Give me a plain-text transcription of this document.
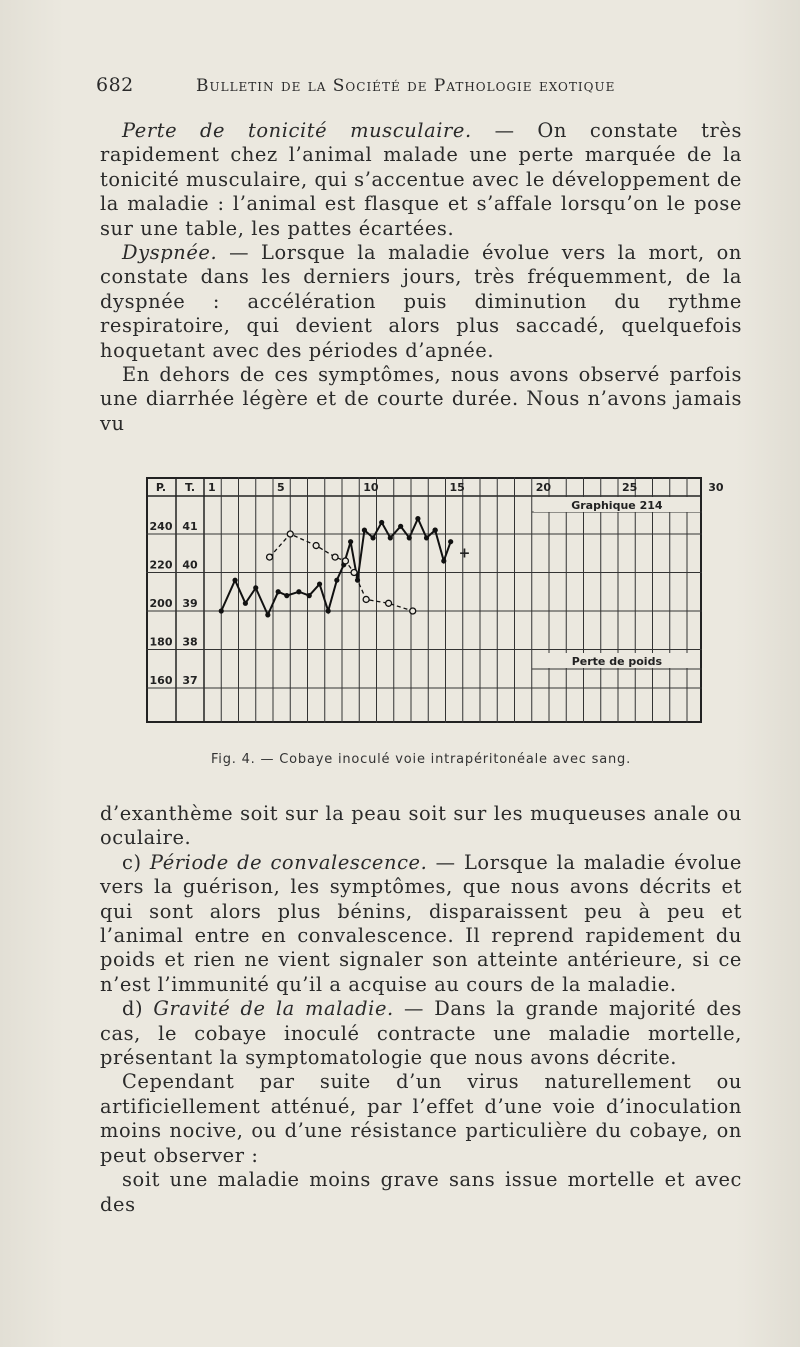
682	Bulletin de la Société de Pathologie exotique

Perte de tonicité musculaire. — On constate très rapidement chez l’animal malade une perte marquée de la tonicité musculaire, qui s’accentue avec le développement de la maladie : l’animal est flasque et s’affale lorsqu’on le pose sur une table, les pattes écartées.

Dyspnée. — Lorsque la maladie évolue vers la mort, on constate dans les derniers jours, très fréquemment, de la dyspnée : accélération puis diminution du rythme respiratoire, qui devient alors plus saccadé, quelquefois hoquetant avec des périodes d’apnée.

En dehors de ces symptômes, nous avons observé parfois une diarrhée légère et de courte durée. Nous n’avons jamais vu

Graphique 214
Perte de poids
P. T. 1	5	10	15	20	25	30
240
220
200
180
160
41
40
39
38
37
+
Fig. 4. — Cobaye inoculé voie intrapéritonéale avec sang.

d’exanthème soit sur la peau soit sur les muqueuses anale ou oculaire.

c) Période de convalescence. — Lorsque la maladie évolue vers la guérison, les symptômes, que nous avons décrits et qui sont alors plus bénins, disparaissent peu à peu et l’animal entre en convalescence. Il reprend rapidement du poids et rien ne vient signaler son atteinte antérieure, si ce n’est l’immunité qu’il a acquise au cours de la maladie.

d) Gravité de la maladie. — Dans la grande majorité des cas, le cobaye inoculé contracte une maladie mortelle, présentant la symptomatologie que nous avons décrite.

Cependant par suite d’un virus naturellement ou artificiellement atténué, par l’effet d’une voie d’inoculation moins nocive, ou d’une résistance particulière du cobaye, on peut observer :

soit une maladie moins grave sans issue mortelle et avec des
